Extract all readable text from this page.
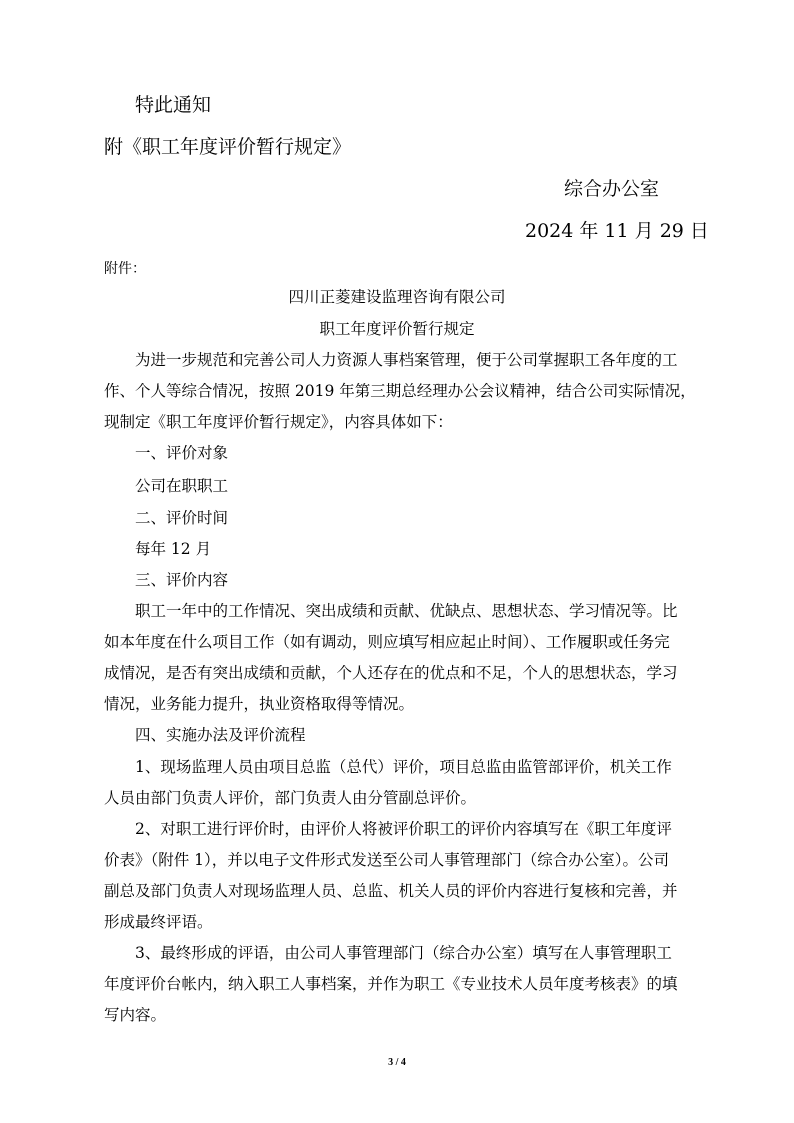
特此通知
附《职工年度评价暂行规定》
综合办公室
2024 年 11 月 29 日
附件：
四川正菱建设监理咨询有限公司
职工年度评价暂行规定
为进一步规范和完善公司人力资源人事档案管理，便于公司掌握职工各年度的工
作、个人等综合情况，按照 2019 年第三期总经理办公会议精神，结合公司实际情况，
现制定《职工年度评价暂行规定》，内容具体如下：
一、评价对象
公司在职职工
二、评价时间
每年 12 月
三、评价内容
职工一年中的工作情况、突出成绩和贡献、优缺点、思想状态、学习情况等。比
如本年度在什么项目工作（如有调动，则应填写相应起止时间）、工作履职或任务完
成情况，是否有突出成绩和贡献，个人还存在的优点和不足，个人的思想状态，学习
情况，业务能力提升，执业资格取得等情况。
四、实施办法及评价流程
1、现场监理人员由项目总监（总代）评价，项目总监由监管部评价，机关工作
人员由部门负责人评价，部门负责人由分管副总评价。
2、对职工进行评价时，由评价人将被评价职工的评价内容填写在《职工年度评
价表》（附件 1），并以电子文件形式发送至公司人事管理部门（综合办公室）。公司
副总及部门负责人对现场监理人员、总监、机关人员的评价内容进行复核和完善，并
形成最终评语。
3、最终形成的评语，由公司人事管理部门（综合办公室）填写在人事管理职工
年度评价台帐内，纳入职工人事档案，并作为职工《专业技术人员年度考核表》的填
写内容。
3 / 4
